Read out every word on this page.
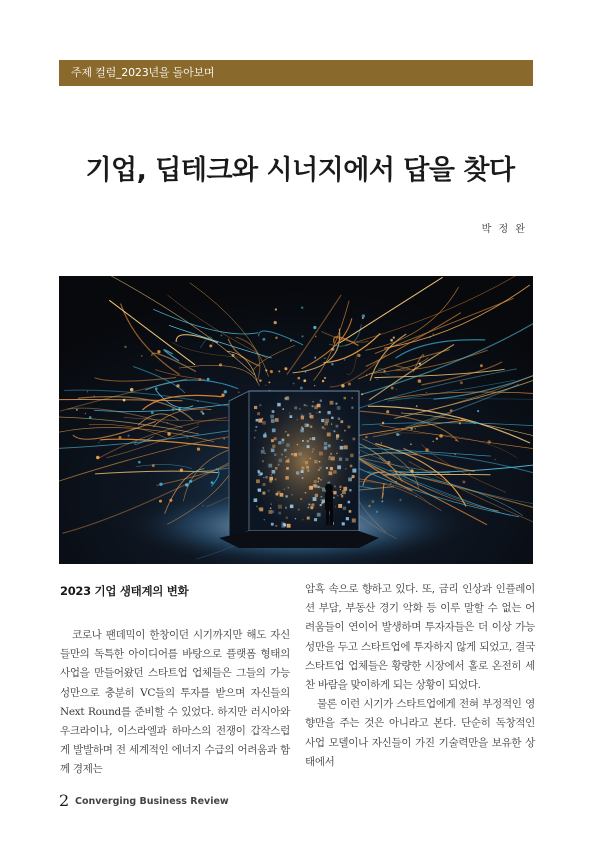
주제 컬럼_2023년을 돌아보며
기업, 딥테크와 시너지에서 답을 찾다
박 정 완
2023 기업 생태계의 변화

코로나 팬데믹이 한창이던 시기까지만 해도 자신들만의 독특한 아이디어를 바탕으로 플랫폼 형태의 사업을 만들어왔던 스타트업 업체들은 그들의 가능성만으로 충분히 VC들의 투자를 받으며 자신들의 Next Round를 준비할 수 있었다. 하지만 러시아와 우크라이나, 이스라엘과 하마스의 전쟁이 갑작스럽게 발발하며 전 세계적인 에너지 수급의 어려움과 함께 경제는

암흑 속으로 향하고 있다. 또, 금리 인상과 인플레이션 부담, 부동산 경기 악화 등 이루 말할 수 없는 어려움들이 연이어 발생하며 투자자들은 더 이상 가능성만을 두고 스타트업에 투자하지 않게 되었고, 결국 스타트업 업체들은 황량한 시장에서 홀로 온전히 세찬 바람을 맞이하게 되는 상황이 되었다.

물론 이런 시기가 스타트업에게 전혀 부정적인 영향만을 주는 것은 아니라고 본다. 단순히 독창적인 사업 모델이나 자신들이 가진 기술력만을 보유한 상태에서

2 Converging Business Review
